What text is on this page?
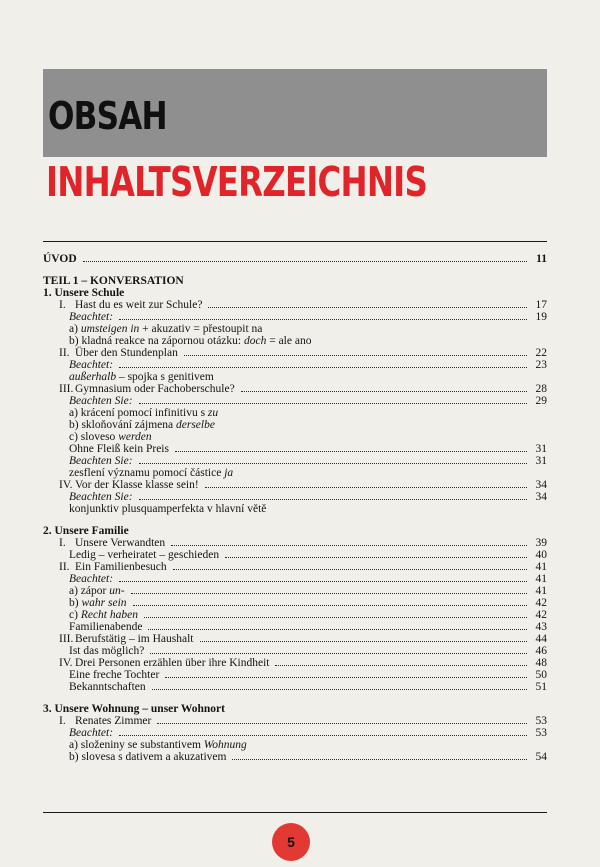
OBSAH
INHALTSVERZEICHNIS
ÚVOD	11
TEIL 1 – KONVERSATION
1. Unsere Schule
I. Hast du es weit zur Schule?	17
Beachtet:	19
a) umsteigen in + akuzativ = přestoupit na
b) kladná reakce na zápornou otázku: doch = ale ano
II. Über den Stundenplan	22
Beachtet:	23
außerhalb – spojka s genitivem
III. Gymnasium oder Fachoberschule?	28
Beachten Sie:	29
a) krácení pomocí infinitivu s zu
b) skloňování zájmena derselbe
c) sloveso werden
Ohne Fleiß kein Preis	31
Beachten Sie:	31
zesflení významu pomocí částice ja
IV. Vor der Klasse klasse sein!	34
Beachten Sie:	34
konjunktiv plusquamperfekta v hlavní větě
2. Unsere Familie
I. Unsere Verwandten	39
Ledig – verheiratet – geschieden	40
II. Ein Familienbesuch	41
Beachtet:	41
a) zápor un-	41
b) wahr sein	42
c) Recht haben	42
Familienabende	43
III. Berufstätig – im Haushalt	44
Ist das möglich?	46
IV. Drei Personen erzählen über ihre Kindheit	48
Eine freche Tochter	50
Bekanntschaften	51
3. Unsere Wohnung – unser Wohnort
I. Renates Zimmer	53
Beachtet:	53
a) složeniny se substantivem Wohnung
b) slovesa s dativem a akuzativem	54
5
